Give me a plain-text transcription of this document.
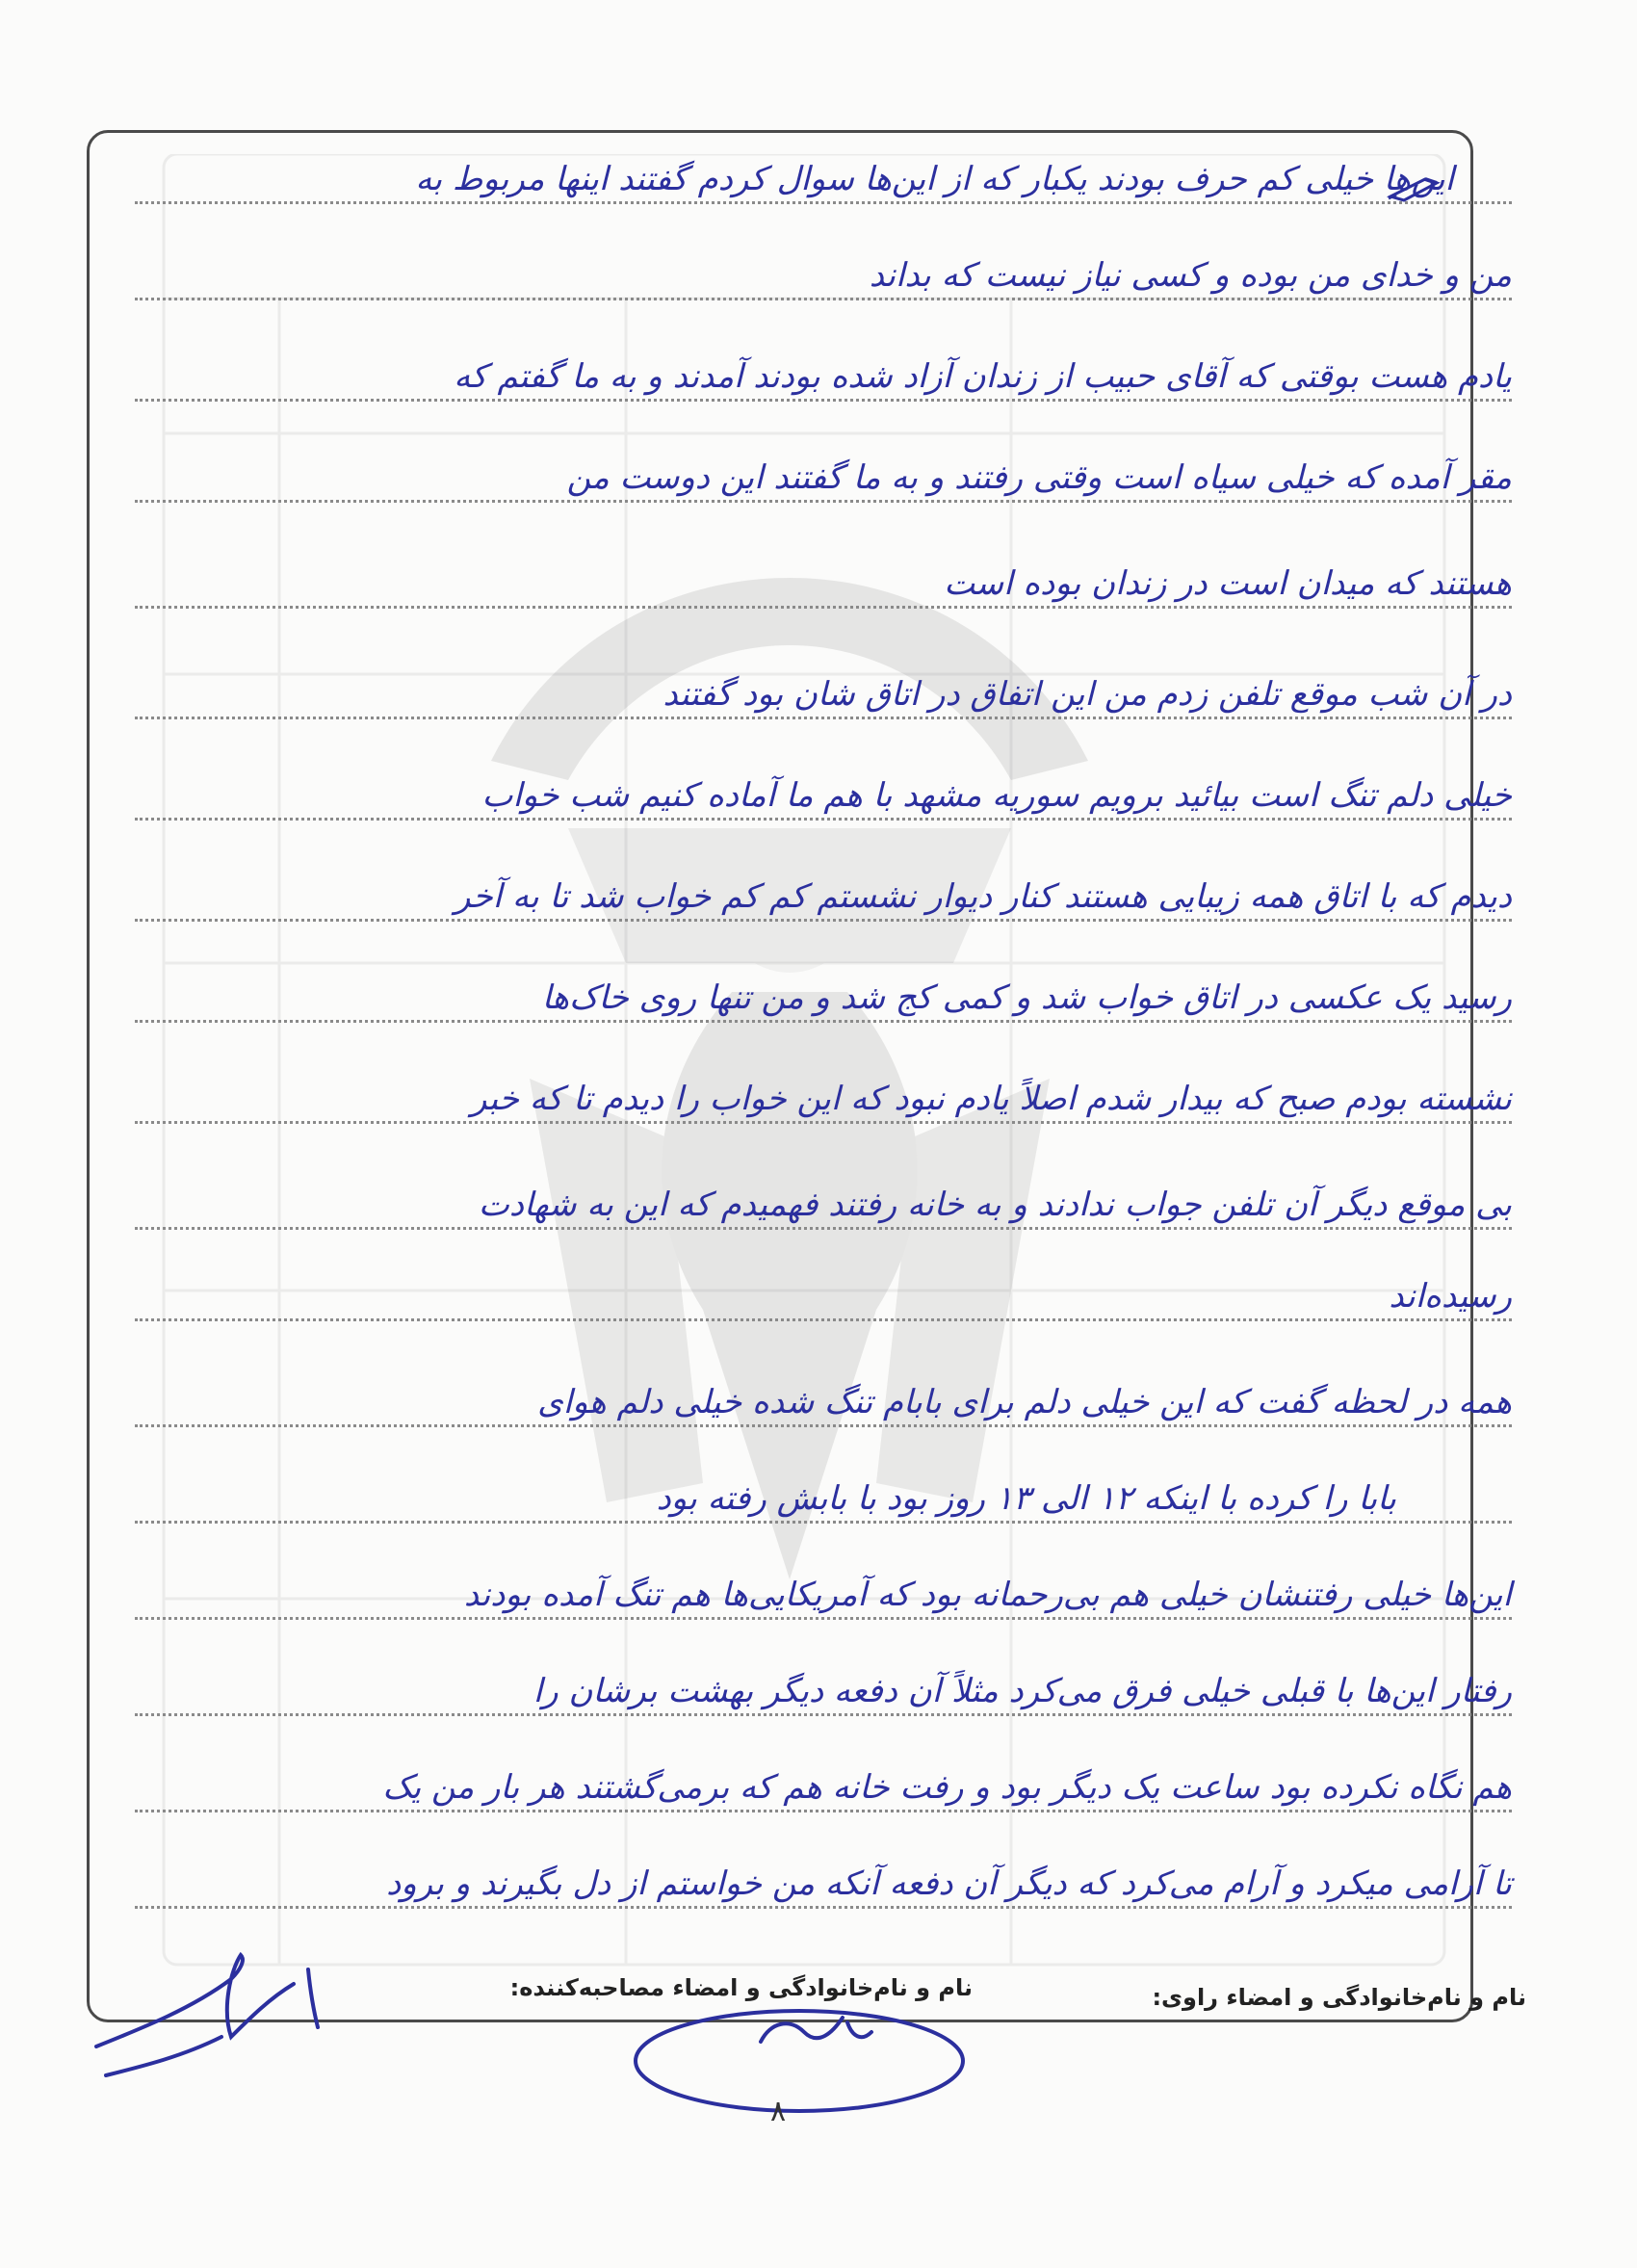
این‌ها خیلی کم حرف بودند یکبار که از این‌ها سوال کردم گفتند اینها مربوط به
من و خدای من بوده و کسی نیاز نیست که بداند
یادم هست بوقتی که آقای حبیب از زندان آزاد شده بودند آمدند و به ما گفتم که
مقر آمده که خیلی سیاه است وقتی رفتند و به ما گفتند این دوست من
هستند که میدان است در زندان بوده است
در آن شب موقع تلفن زدم من این اتفاق در اتاق شان بود گفتند
خیلی دلم تنگ است بیائید برویم سوریه مشهد با هم ما آماده کنیم شب خواب
دیدم که با اتاق همه زیبایی هستند کنار دیوار نشستم کم کم خواب شد تا به آخر
رسید یک عکسی در اتاق خواب شد و کمی کج شد و من تنها روی خاک‌ها
نشسته بودم صبح که بیدار شدم اصلاً یادم نبود که این خواب را دیدم تا که خبر
بی موقع دیگر آن تلفن جواب ندادند و به خانه رفتند فهمیدم که این به شهادت
رسیده‌اند
همه در لحظه گفت که این خیلی دلم برای بابام تنگ شده خیلی دلم هوای
بابا را کرده با اینکه ۱۲ الی ۱۳ روز بود با بابش رفته بود
این‌ها خیلی رفتنشان خیلی هم بی‌رحمانه بود که آمریکایی‌ها هم تنگ آمده بودند
رفتار این‌ها با قبلی خیلی فرق می‌کرد مثلاً آن دفعه دیگر بهشت برشان را
هم نگاه نکرده بود ساعت یک دیگر بود و رفت خانه هم که برمی‌گشتند هر بار من یک
تا آرامی میکرد و آرام می‌کرد که دیگر آن دفعه آنکه من خواستم از دل بگیرند و برود
نام و نام‌خانوادگی و امضاء راوی:
نام و نام‌خانوادگی و امضاء مصاحبه‌کننده:
۸
